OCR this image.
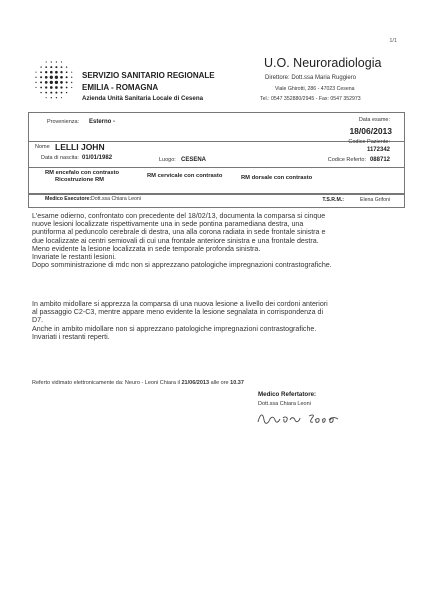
1/1
SERVIZIO SANITARIO REGIONALE
EMILIA - ROMAGNA
Azienda Unità Sanitaria Locale di Cesena
U.O. Neuroradiologia
Direttore: Dott.ssa Maria Ruggiero
Viale Ghirotti, 286 - 47023 Cesena
Tel.: 0547 352880/2945 - Fax: 0547 352973
Provenienza: Esterno -	Data esame:
18/06/2013
Nome LELLI JOHN	Codice Paziente:
1172342
Data di nascita: 01/01/1982	Luogo: CESENA	Codice Referto: 088712
RM encefalo con contrasto
Ricostruzione RM
RM cervicale con contrasto	RM dorsale con contrasto
Medico Esecutore: Dott.ssa Chiara Leoni	T.S.R.M.:	Elena Grifoni
L'esame odierno, confrontato con precedente del 18/02/13, documenta la comparsa si cinque
nuove lesioni localizzate rispettivamente una in sede pontina paramediana destra, una
puntiforma al peduncolo cerebrale di destra, una alla corona radiata in sede frontale sinistra e
due localizzate ai centri semiovali di cui una frontale anteriore sinistra e una frontale destra.
Meno evidente la lesione localizzata in sede temporale profonda sinistra.
Invariate le restanti lesioni.
Dopo somministrazione di mdc non si apprezzano patologiche impregnazioni contrastografiche.
In ambito midollare si apprezza la comparsa di una nuova lesione a livello dei cordoni anteriori
al passaggio C2-C3, mentre appare meno evidente la lesione segnalata in corrispondenza di
D7.
Anche in ambito midollare non si apprezzano patologiche impregnazioni contrastografiche.
Invariati i restanti reperti.
Referto vidimato elettronicamente da: Neuro - Leoni Chiara il 21/06/2013 alle ore 10.37
Medico Refertatore:
Dott.ssa Chiara Leoni
